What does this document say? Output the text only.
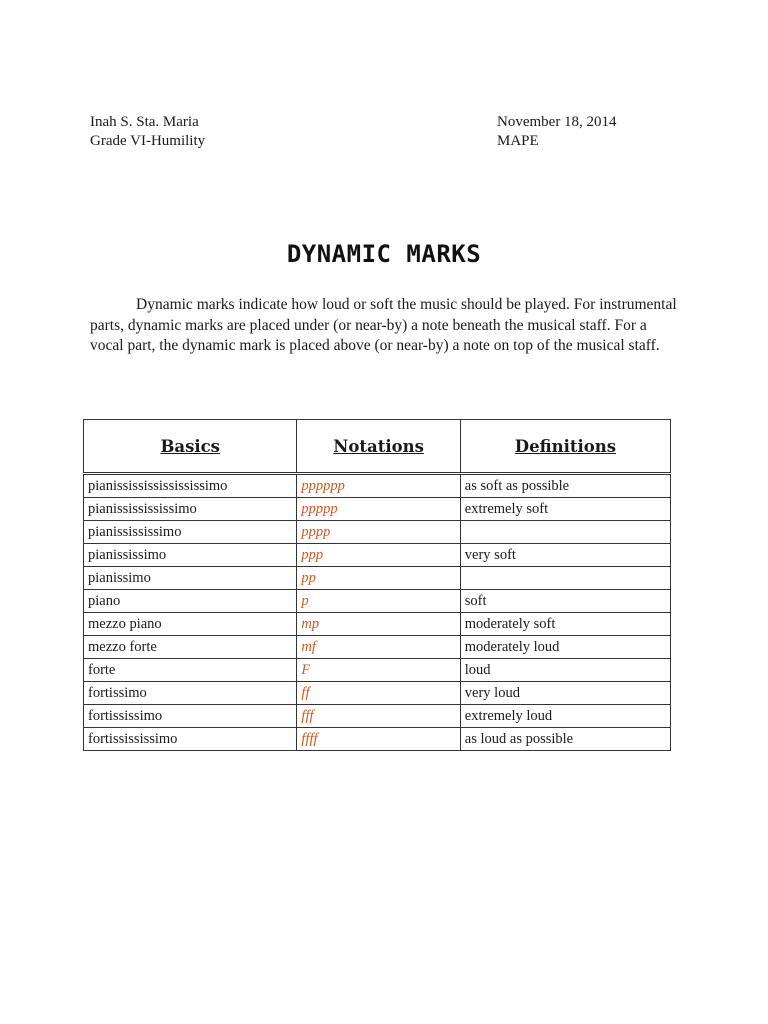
Inah S. Sta. Maria
Grade VI-Humility
November 18, 2014
MAPE
DYNAMIC MARKS

Dynamic marks indicate how loud or soft the music should be played. For instrumental parts, dynamic marks are placed under (or near-by) a note beneath the musical staff. For a vocal part, the dynamic mark is placed above (or near-by) a note on top of the musical staff.

Basics	Notations	Definitions
pianississississississimo	pppppp	as soft as possible
pianississississimo	ppppp	extremely soft
pianissississimo	pppp	
pianississimo	ppp	very soft
pianissimo	pp	
piano	p	soft
mezzo piano	mp	moderately soft
mezzo forte	mf	moderately loud
forte	F	loud
fortissimo	ff	very loud
fortississimo	fff	extremely loud
fortissississimo	ffff	as loud as possible
